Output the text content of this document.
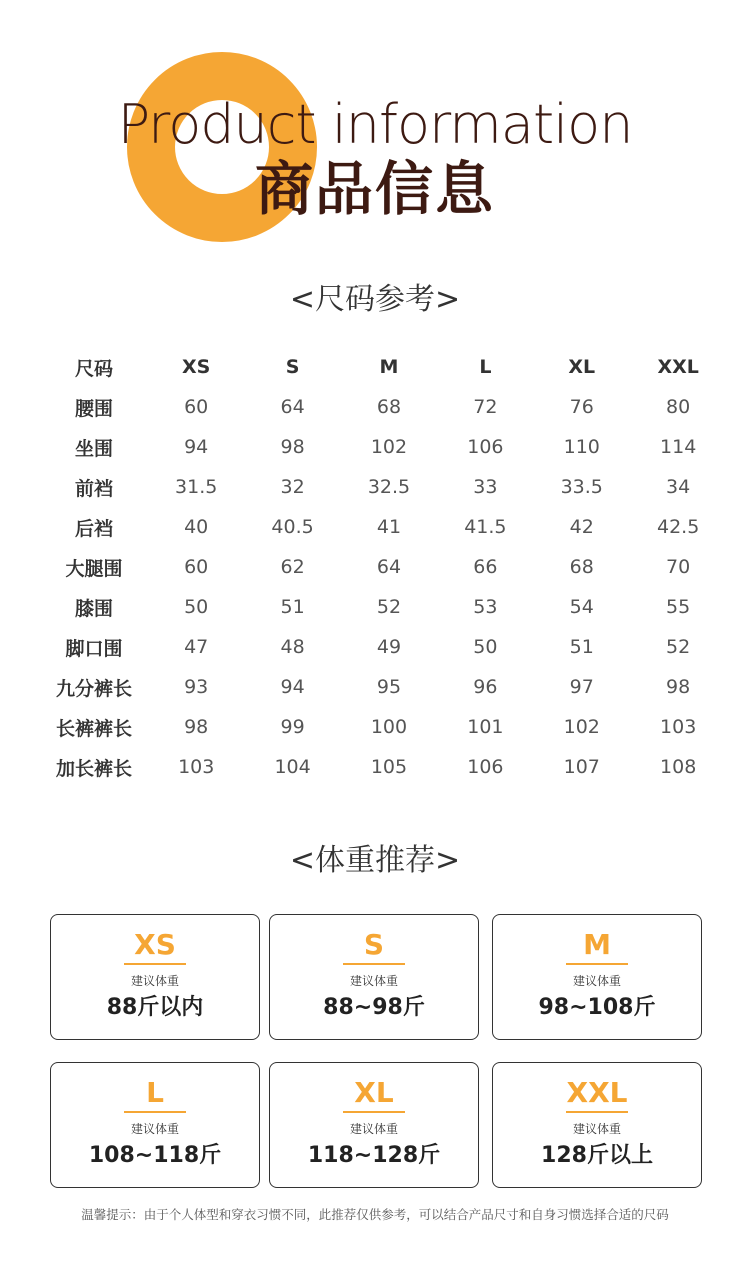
Product information
商品信息
<尺码参考>
尺码	XS	S	M	L	XL	XXL
腰围	60	64	68	72	76	80
坐围	94	98	102	106	110	114
前裆	31.5	32	32.5	33	33.5	34
后裆	40	40.5	41	41.5	42	42.5
大腿围	60	62	64	66	68	70
膝围	50	51	52	53	54	55
脚口围	47	48	49	50	51	52
九分裤长	93	94	95	96	97	98
长裤裤长	98	99	100	101	102	103
加长裤长	103	104	105	106	107	108
<体重推荐>
XS
建议体重
88斤以内
S
建议体重
88~98斤
M
建议体重
98~108斤
L
建议体重
108~118斤
XL
建议体重
118~128斤
XXL
建议体重
128斤以上
温馨提示：由于个人体型和穿衣习惯不同，此推荐仅供参考，可以结合产品尺寸和自身习惯选择合适的尺码
